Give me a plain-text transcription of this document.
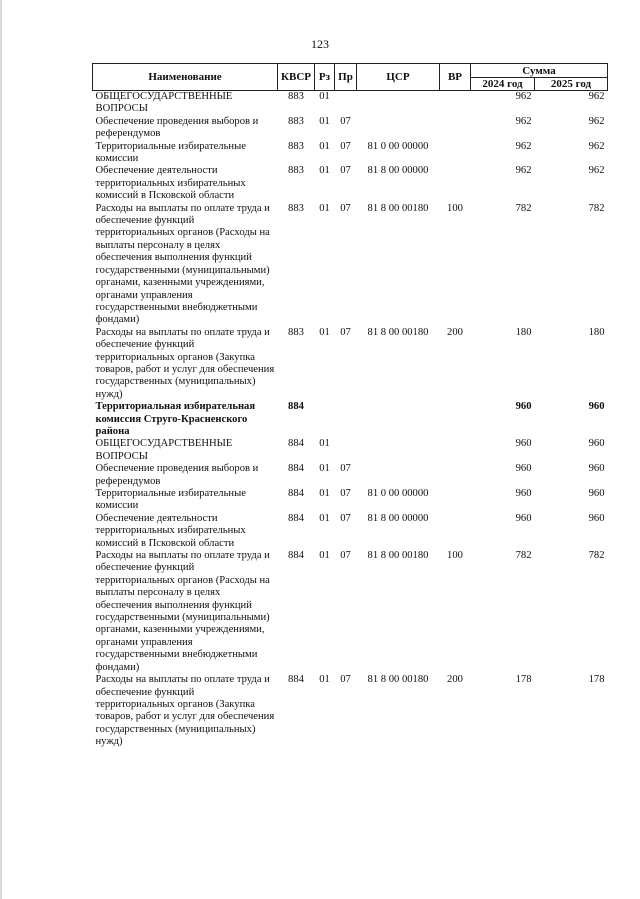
123
Наименование	КВСР	Рз	Пр	ЦСР	ВР	Сумма	
						2024 год	2025 год
ОБЩЕГОСУДАРСТВЕННЫЕ ВОПРОСЫ	883	01				962	962
Обеспечение проведения выборов и референдумов	883	01	07			962	962
Территориальные избирательные комиссии	883	01	07	81 0 00 00000		962	962
Обеспечение деятельности территориальных избирательных комиссий в Псковской области	883	01	07	81 8 00 00000		962	962
Расходы на выплаты по оплате труда и обеспечение функций территориальных органов (Расходы на выплаты персоналу в целях обеспечения выполнения функций государственными (муниципальными) органами, казенными учреждениями, органами управления государственными внебюджетными фондами)	883	01	07	81 8 00 00180	100	782	782
Расходы на выплаты по оплате труда и обеспечение функций территориальных органов (Закупка товаров, работ и услуг для обеспечения государственных (муниципальных) нужд)	883	01	07	81 8 00 00180	200	180	180
Территориальная избирательная комиссия Струго-Красненского района	884					960	960
ОБЩЕГОСУДАРСТВЕННЫЕ ВОПРОСЫ	884	01				960	960
Обеспечение проведения выборов и референдумов	884	01	07			960	960
Территориальные избирательные комиссии	884	01	07	81 0 00 00000		960	960
Обеспечение деятельности территориальных избирательных комиссий в Псковской области	884	01	07	81 8 00 00000		960	960
Расходы на выплаты по оплате труда и обеспечение функций территориальных органов (Расходы на выплаты персоналу в целях обеспечения выполнения функций государственными (муниципальными) органами, казенными учреждениями, органами управления государственными внебюджетными фондами)	884	01	07	81 8 00 00180	100	782	782
Расходы на выплаты по оплате труда и обеспечение функций территориальных органов (Закупка товаров, работ и услуг для обеспечения государственных (муниципальных) нужд)	884	01	07	81 8 00 00180	200	178	178
